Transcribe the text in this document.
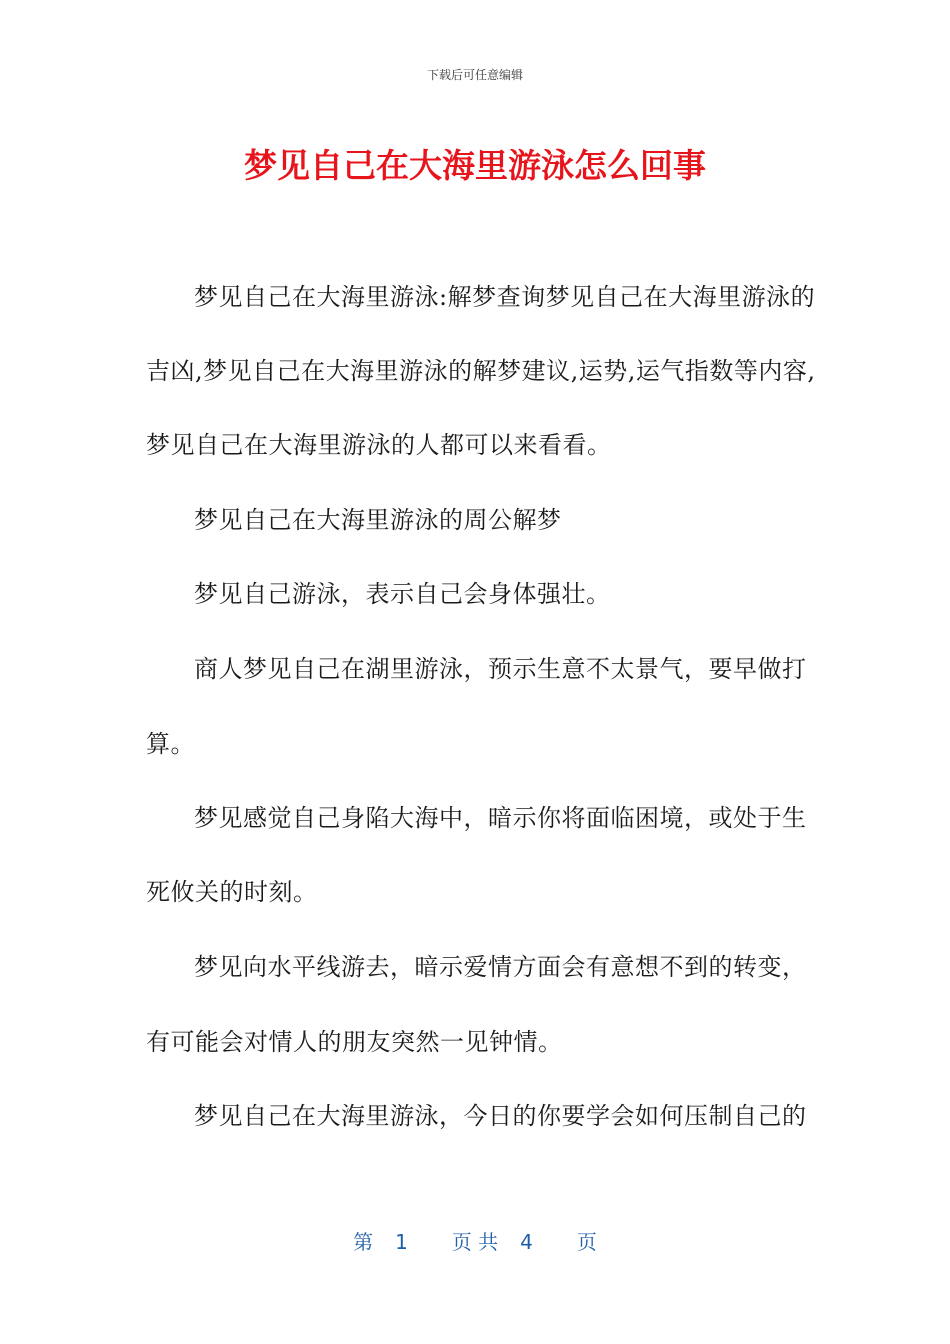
下载后可任意编辑
梦见自己在大海里游泳怎么回事
梦见自己在大海里游泳:解梦查询梦见自己在大海里游泳的
吉凶,梦见自己在大海里游泳的解梦建议,运势,运气指数等内容,
梦见自己在大海里游泳的人都可以来看看。
梦见自己在大海里游泳的周公解梦
梦见自己游泳，表示自己会身体强壮。
商人梦见自己在湖里游泳，预示生意不太景气，要早做打
算。
梦见感觉自己身陷大海中，暗示你将面临困境，或处于生
死攸关的时刻。
梦见向水平线游去，暗示爱情方面会有意想不到的转变，
有可能会对情人的朋友突然一见钟情。
梦见自己在大海里游泳，今日的你要学会如何压制自己的
第 1 页 共 4 页
